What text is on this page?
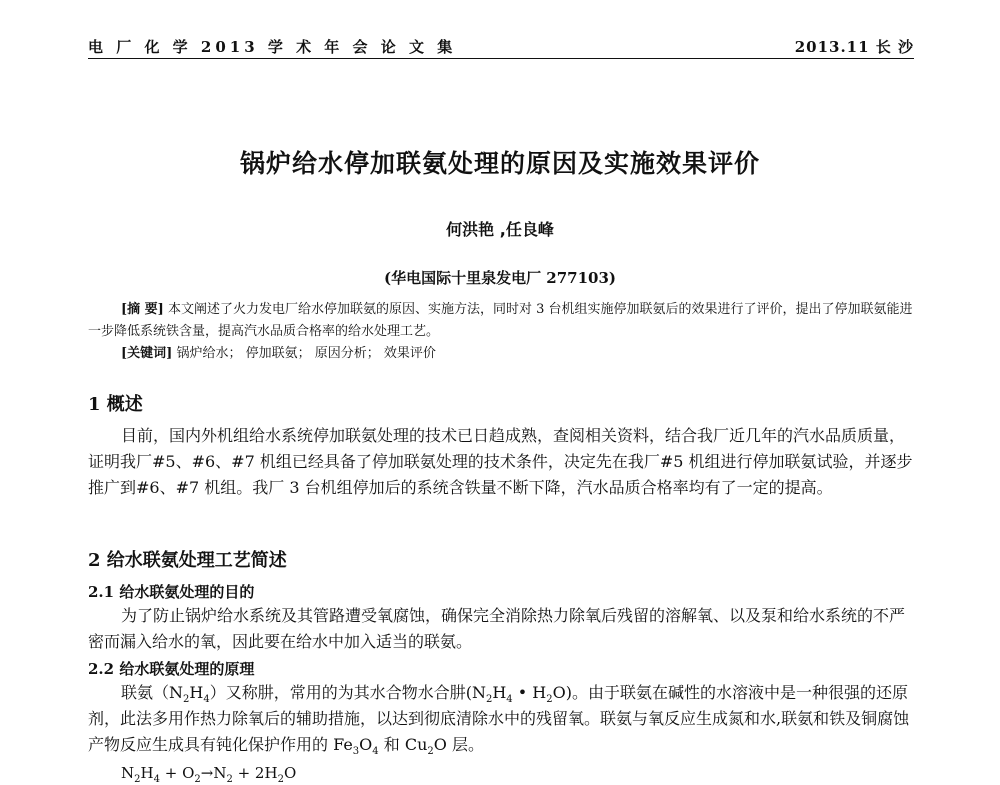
电 厂 化 学 2013 学 术 年 会 论 文 集	2013.11 长 沙
锅炉给水停加联氨处理的原因及实施效果评价
何洪艳 ,任良峰
(华电国际十里泉发电厂 277103)
[摘 要] 本文阐述了火力发电厂给水停加联氨的原因、实施方法，同时对 3 台机组实施停加联氨后的效果进行了评价，提出了停加联氨能进一步降低系统铁含量，提高汽水品质合格率的给水处理工艺。
[关键词] 锅炉给水； 停加联氨； 原因分析； 效果评价
1 概述
目前，国内外机组给水系统停加联氨处理的技术已日趋成熟，查阅相关资料，结合我厂近几年的汽水品质质量，证明我厂#5、#6、#7 机组已经具备了停加联氨处理的技术条件，决定先在我厂#5 机组进行停加联氨试验，并逐步推广到#6、#7 机组。我厂 3 台机组停加后的系统含铁量不断下降，汽水品质合格率均有了一定的提高。
2 给水联氨处理工艺简述
2.1 给水联氨处理的目的
为了防止锅炉给水系统及其管路遭受氧腐蚀，确保完全消除热力除氧后残留的溶解氧、以及泵和给水系统的不严密而漏入给水的氧，因此要在给水中加入适当的联氨。
2.2 给水联氨处理的原理
联氨$(N_2H_4)$又称肼，常用的为其水合物水合肼($N_2H_4$ • $H_2O$)。由于联氨在碱性的水溶液中是一种很强的还原剂，此法多用作热力除氧后的辅助措施，以达到彻底清除水中的残留氧。联氨与氧反应生成氮和水,联氨和铁及铜腐蚀产物反应生成具有钝化保护作用的 $Fe_3O_4$ 和 $Cu_2O$ 层。
$N_2H_4 + O_2\to N_2 + 2H_2O$
